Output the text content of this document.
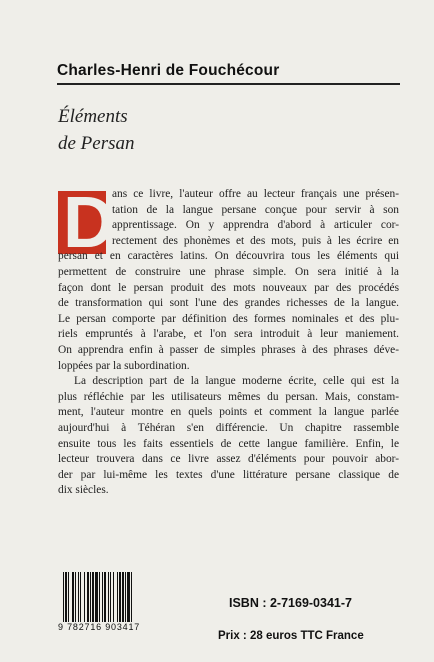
Charles-Henri de Fouchécour
Éléments
de Persan
D
ans ce livre, l'auteur offre au lecteur français une présen-
tation de la langue persane conçue pour servir à son
apprentissage. On y apprendra d'abord à articuler cor-
rectement des phonèmes et des mots, puis à les écrire en
persan et en caractères latins. On découvrira tous les éléments qui
permettent de construire une phrase simple. On sera initié à la
façon dont le persan produit des mots nouveaux par des procédés
de transformation qui sont l'une des grandes richesses de la langue.
Le persan comporte par définition des formes nominales et des plu-
riels empruntés à l'arabe, et l'on sera introduit à leur maniement.
On apprendra enfin à passer de simples phrases à des phrases déve-
loppées par la subordination.
La description part de la langue moderne écrite, celle qui est la
plus réfléchie par les utilisateurs mêmes du persan. Mais, constam-
ment, l'auteur montre en quels points et comment la langue parlée
aujourd'hui à Téhéran s'en différencie. Un chapitre rassemble
ensuite tous les faits essentiels de cette langue familière. Enfin, le
lecteur trouvera dans ce livre assez d'éléments pour pouvoir abor-
der par lui-même les textes d'une littérature persane classique de
dix siècles.
9 782716 903417
ISBN : 2-7169-0341-7
Prix : 28 euros TTC France
